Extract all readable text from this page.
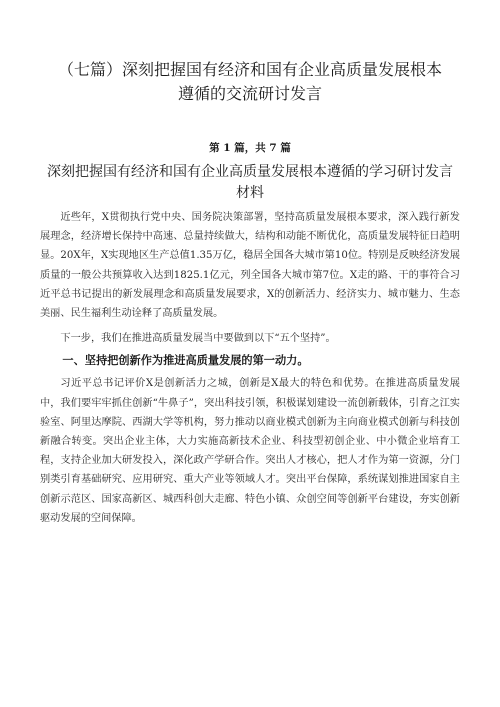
（七篇）深刻把握国有经济和国有企业高质量发展根本
遵循的交流研讨发言
第 1 篇，共 7 篇
深刻把握国有经济和国有企业高质量发展根本遵循的学习研讨发言材料

近些年，X贯彻执行党中央、国务院决策部署，坚持高质量发展根本要求，深入践行新发展理念，经济增长保持中高速、总量持续做大，结构和动能不断优化，高质量发展特征日趋明显。20X年，X实现地区生产总值1.35万亿，稳居全国各大城市第10位。特别是反映经济发展质量的一般公共预算收入达到1825.1亿元，列全国各大城市第7位。X走的路、干的事符合习近平总书记提出的新发展理念和高质量发展要求，X的创新活力、经济实力、城市魅力、生态美丽、民生福利生动诠释了高质量发展。

下一步，我们在推进高质量发展当中要做到以下“五个坚持”。

一、坚持把创新作为推进高质量发展的第一动力。

习近平总书记评价X是创新活力之城，创新是X最大的特色和优势。在推进高质量发展中，我们要牢牢抓住创新“牛鼻子”，突出科技引领，积极谋划建设一流创新载体，引育之江实验室、阿里达摩院、西湖大学等机构，努力推动以商业模式创新为主向商业模式创新与科技创新融合转变。突出企业主体，大力实施高新技术企业、科技型初创企业、中小微企业培育工程，支持企业加大研发投入，深化政产学研合作。突出人才核心，把人才作为第一资源，分门别类引育基础研究、应用研究、重大产业等领域人才。突出平台保障，系统谋划推进国家自主创新示范区、国家高新区、城西科创大走廊、特色小镇、众创空间等创新平台建设，夯实创新驱动发展的空间保障。
